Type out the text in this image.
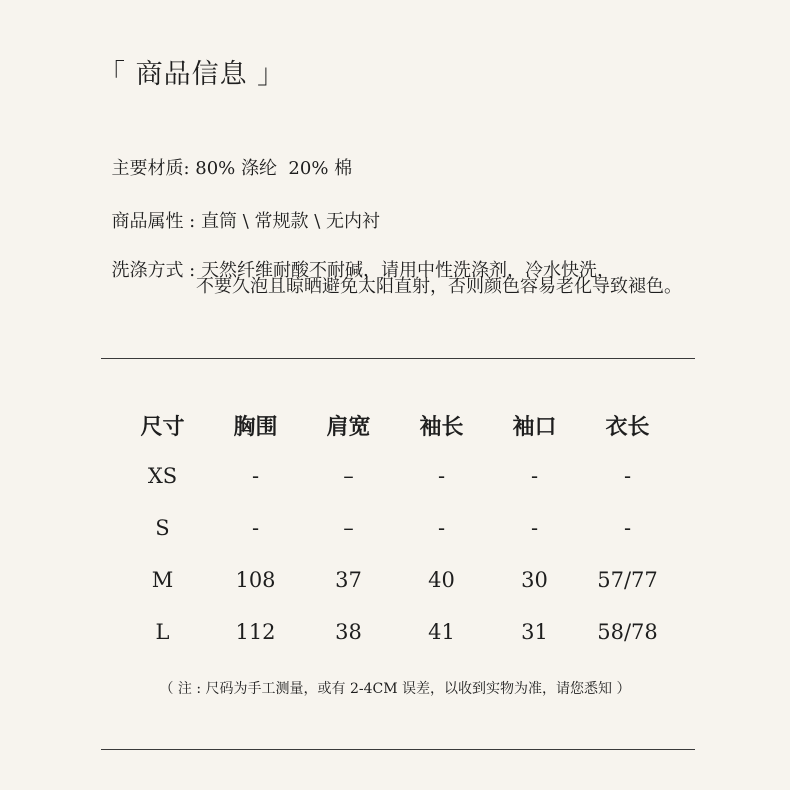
「 商品信息 」

主要材质: 80% 涤纶  20% 棉

商品属性 : 直筒 \ 常规款 \ 无内衬

洗涤方式 : 天然纤维耐酸不耐碱，请用中性洗涤剂，冷水快洗，

不要久泡且晾晒避免太阳直射，否则颜色容易老化导致褪色。
尺寸	胸围	肩宽	袖长	袖口	衣长
XS	-	–	-	-	-
S	-	–	-	-	-
M	108	37	40	30	57/77
L	112	38	41	31	58/78
（ 注 : 尺码为手工测量，或有 2-4CM 误差，以收到实物为准，请您悉知 ）
